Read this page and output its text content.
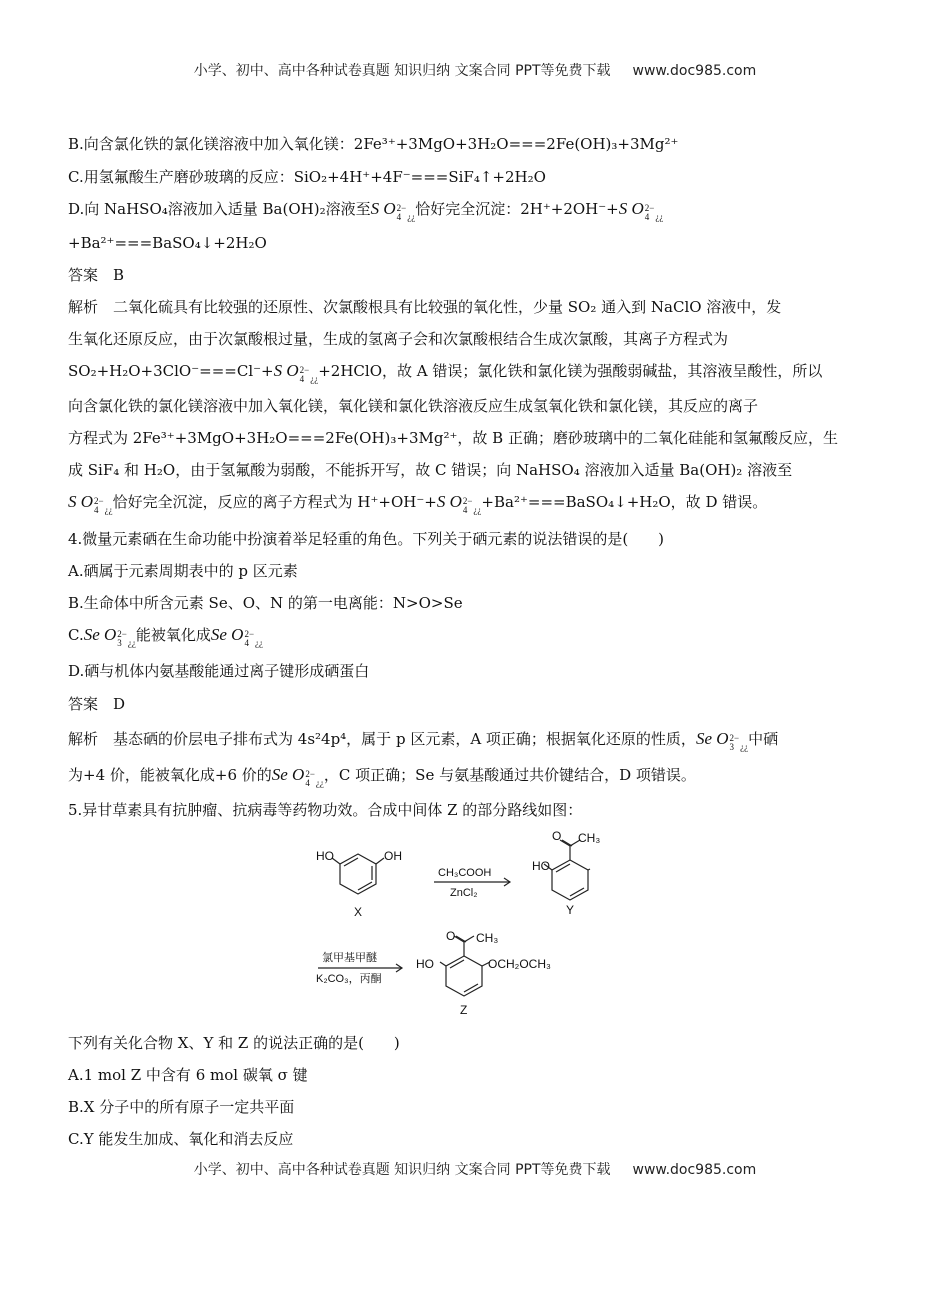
小学、初中、高中各种试卷真题 知识归纳 文案合同 PPT等免费下载 www.doc985.com
B.向含氯化铁的氯化镁溶液中加入氧化镁：2Fe³⁺+3MgO+3H₂O===2Fe(OH)₃+3Mg²⁺
C.用氢氟酸生产磨砂玻璃的反应：SiO₂+4H⁺+4F⁻===SiF₄↑+2H₂O
D.向 NaHSO₄溶液加入适量 Ba(OH)₂溶液至S O 2−
4 ¿¿恰好完全沉淀：2H⁺+2OH⁻+S O 2−
4 ¿¿
+Ba²⁺===BaSO₄↓+2H₂O
答案　B
解析　二氧化硫具有比较强的还原性、次氯酸根具有比较强的氧化性，少量 SO₂ 通入到 NaClO 溶液中，发
生氧化还原反应，由于次氯酸根过量，生成的氢离子会和次氯酸根结合生成次氯酸，其离子方程式为
SO₂+H₂O+3ClO⁻===Cl⁻+S O 2−
4 ¿¿+2HClO，故 A 错误；氯化铁和氯化镁为强酸弱碱盐，其溶液呈酸性，所以
向含氯化铁的氯化镁溶液中加入氧化镁，氧化镁和氯化铁溶液反应生成氢氧化铁和氯化镁，其反应的离子
方程式为 2Fe³⁺+3MgO+3H₂O===2Fe(OH)₃+3Mg²⁺，故 B 正确；磨砂玻璃中的二氧化硅能和氢氟酸反应，生
成 SiF₄ 和 H₂O，由于氢氟酸为弱酸，不能拆开写，故 C 错误；向 NaHSO₄ 溶液加入适量 Ba(OH)₂ 溶液至
S O 2−
4 ¿¿恰好完全沉淀，反应的离子方程式为 H⁺+OH⁻+S O 2−
4 ¿¿+Ba²⁺===BaSO₄↓+H₂O，故 D 错误。
4.微量元素硒在生命功能中扮演着举足轻重的角色。下列关于硒元素的说法错误的是(　　)
A.硒属于元素周期表中的 p 区元素
B.生命体中所含元素 Se、O、N 的第一电离能：N>O>Se
C.Se O 2−
3 ¿¿能被氧化成Se O 2−
4 ¿¿
D.硒与机体内氨基酸能通过离子键形成硒蛋白
答案　D
解析　基态硒的价层电子排布式为 4s²4p⁴，属于 p 区元素，A 项正确；根据氧化还原的性质，Se O 2−
3 ¿¿中硒
为+4 价，能被氧化成+6 价的Se O 2−
4 ¿¿，C 项正确；Se 与氨基酸通过共价键结合，D 项错误。
5.异甘草素具有抗肿瘤、抗病毒等药物功效。合成中间体 Z 的部分路线如图：
HO	OH
X
CH₃COOH
ZnCl₂
HO
O CH₃
Y
氯甲基甲醚
K₂CO₃，丙酮
HO
O CH₃
OCH₂OCH₃
Z
下列有关化合物 X、Y 和 Z 的说法正确的是(　　)
A.1 mol Z 中含有 6 mol 碳氧 σ 键
B.X 分子中的所有原子一定共平面
C.Y 能发生加成、氧化和消去反应
小学、初中、高中各种试卷真题 知识归纳 文案合同 PPT等免费下载 www.doc985.com
